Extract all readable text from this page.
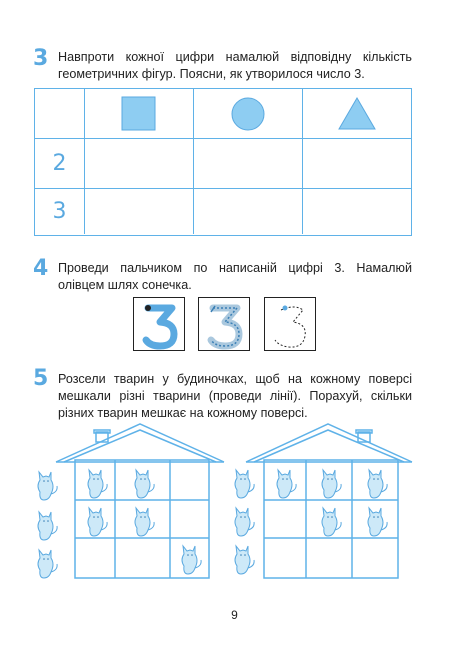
3 Навпроти кожної цифри намалюй відповідну кількість геометричних фігур. Поясни, як утворилося число 3.
2
3
4 Проведи пальчиком по написаній цифрі 3. Намалюй олівцем шлях сонечка.
5 Розсели тварин у будиночках, щоб на кожному поверсі мешкали різні тварини (проведи лінії). Порахуй, скільки різних тварин мешкає на кожному поверсі.
9
